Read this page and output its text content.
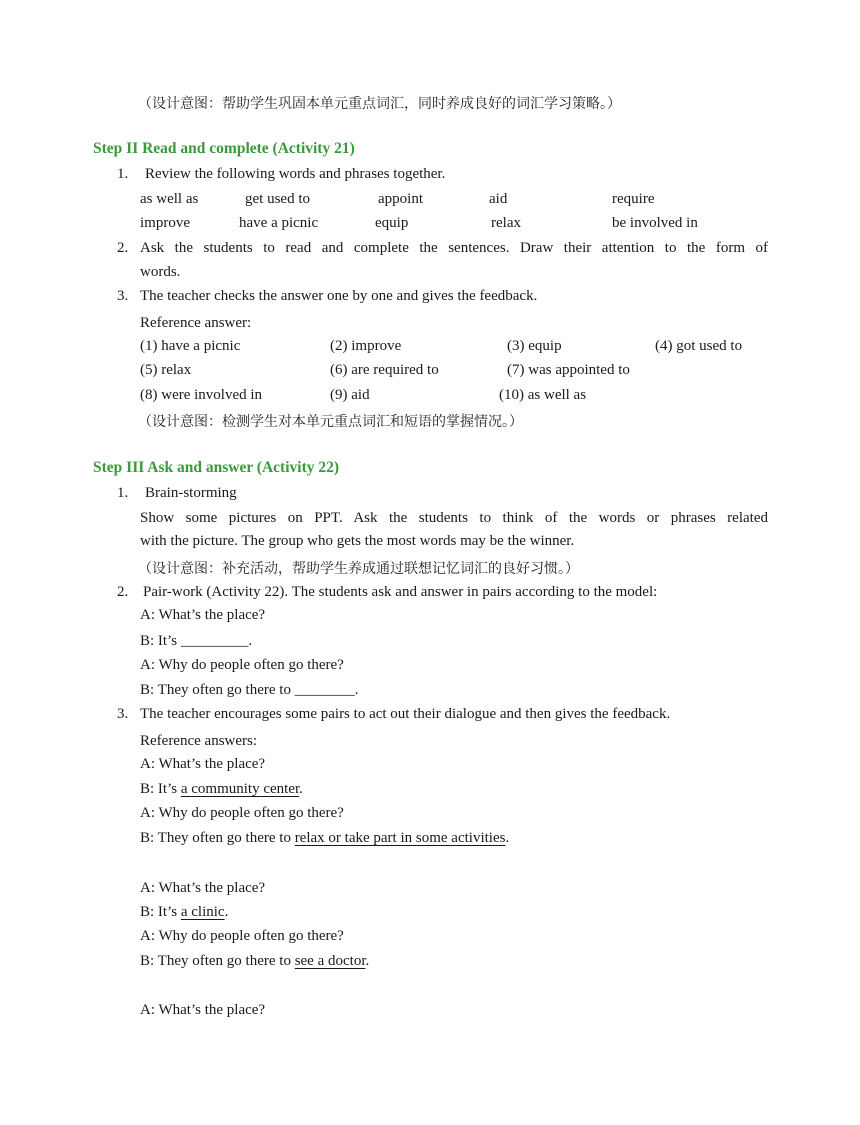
（设计意图：帮助学生巩固本单元重点词汇，同时养成良好的词汇学习策略。）
Step II Read and complete (Activity 21)
1. Review the following words and phrases together.
as well as	get used to	appoint	aid	require
improve	have a picnic	equip	relax	be involved in
2. Ask the students to read and complete the sentences. Draw their attention to the form of
words.
3. The teacher checks the answer one by one and gives the feedback.
Reference answer:
(1) have a picnic	(2) improve	(3) equip	(4) got used to
(5) relax	(6) are required to	(7) was appointed to
(8) were involved in	(9) aid	(10) as well as
（设计意图：检测学生对本单元重点词汇和短语的掌握情况。）
Step III Ask and answer (Activity 22)
1. Brain-storming
Show some pictures on PPT. Ask the students to think of the words or phrases related
with the picture. The group who gets the most words may be the winner.
（设计意图：补充活动，帮助学生养成通过联想记忆词汇的良好习惯。）
2. Pair-work (Activity 22). The students ask and answer in pairs according to the model:
A: What’s the place?
B: It’s _________.
A: Why do people often go there?
B: They often go there to ________.
3. The teacher encourages some pairs to act out their dialogue and then gives the feedback.
Reference answers:
A: What’s the place?
B: It’s a community center.
A: Why do people often go there?
B: They often go there to relax or take part in some activities.
A: What’s the place?
B: It’s a clinic.
A: Why do people often go there?
B: They often go there to see a doctor.
A: What’s the place?
